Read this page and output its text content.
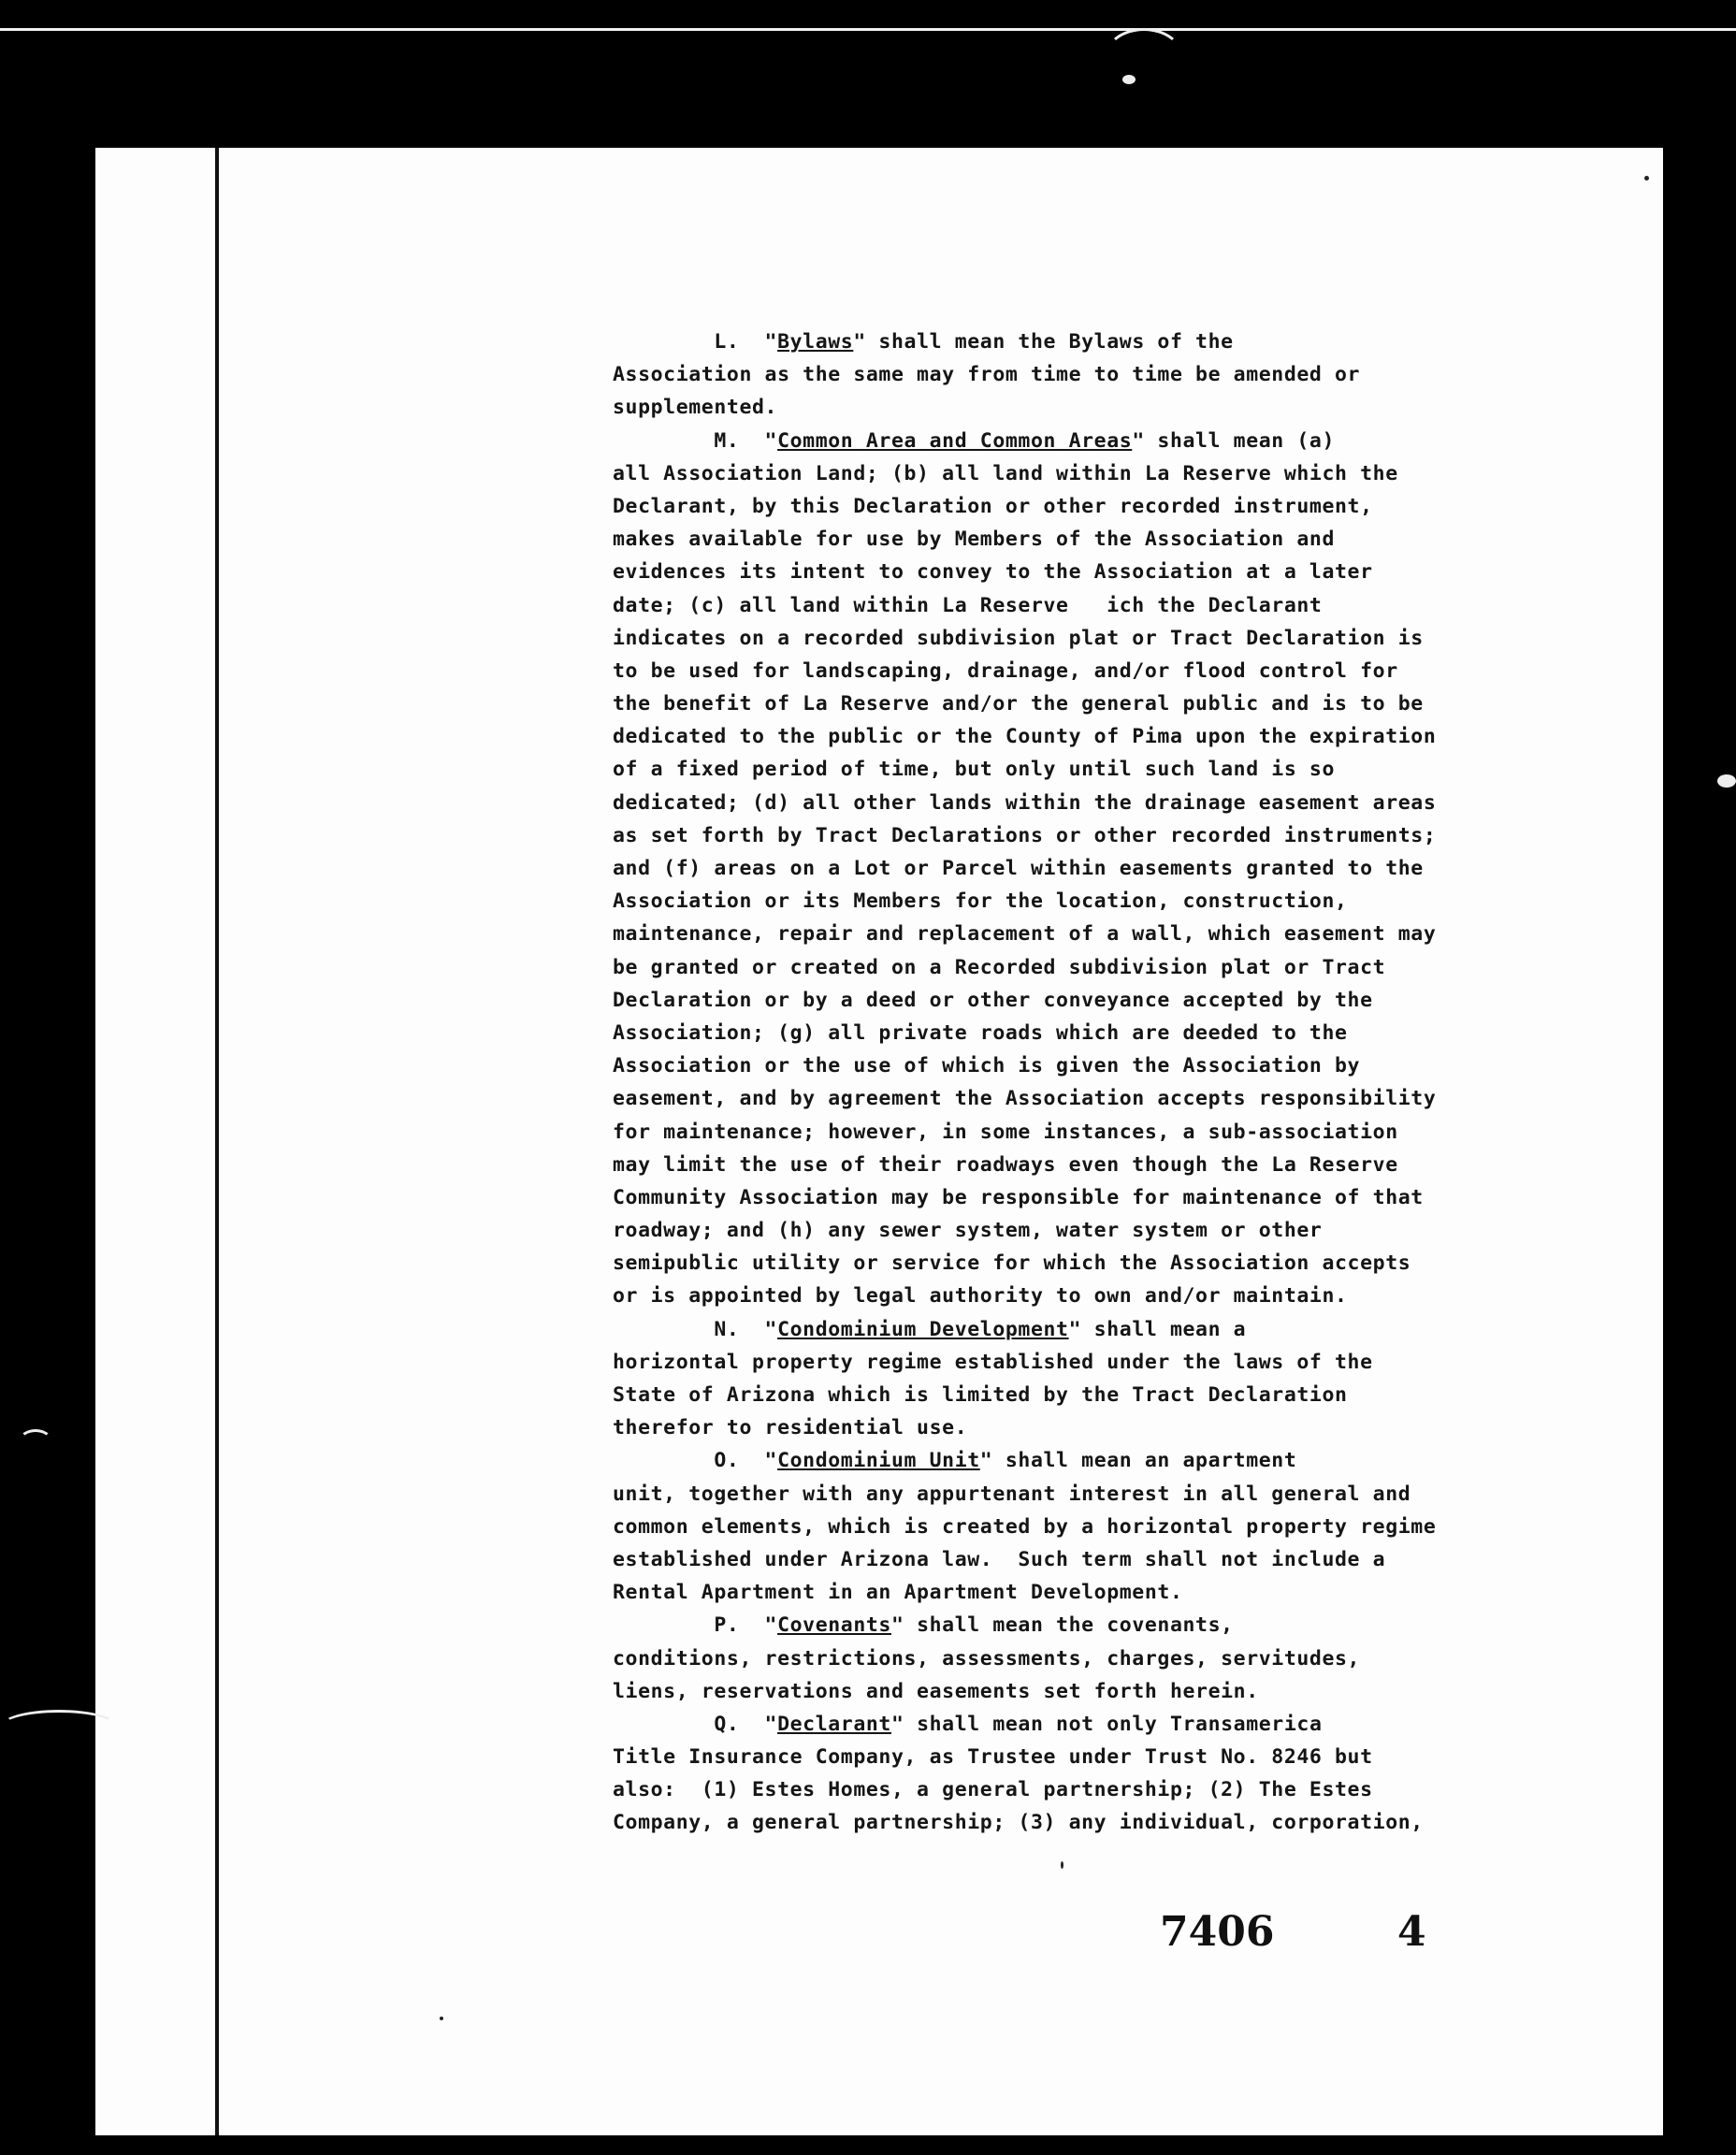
L.  "Bylaws" shall mean the Bylaws of the
Association as the same may from time to time be amended or
supplemented.
M.  "Common Area and Common Areas" shall mean (a)
all Association Land; (b) all land within La Reserve which the
Declarant, by this Declaration or other recorded instrument,
makes available for use by Members of the Association and
evidences its intent to convey to the Association at a later
date; (c) all land within La Reserve   ich the Declarant
indicates on a recorded subdivision plat or Tract Declaration is
to be used for landscaping, drainage, and/or flood control for
the benefit of La Reserve and/or the general public and is to be
dedicated to the public or the County of Pima upon the expiration
of a fixed period of time, but only until such land is so
dedicated; (d) all other lands within the drainage easement areas
as set forth by Tract Declarations or other recorded instruments;
and (f) areas on a Lot or Parcel within easements granted to the
Association or its Members for the location, construction,
maintenance, repair and replacement of a wall, which easement may
be granted or created on a Recorded subdivision plat or Tract
Declaration or by a deed or other conveyance accepted by the
Association; (g) all private roads which are deeded to the
Association or the use of which is given the Association by
easement, and by agreement the Association accepts responsibility
for maintenance; however, in some instances, a sub-association
may limit the use of their roadways even though the La Reserve
Community Association may be responsible for maintenance of that
roadway; and (h) any sewer system, water system or other
semipublic utility or service for which the Association accepts
or is appointed by legal authority to own and/or maintain.
N.  "Condominium Development" shall mean a
horizontal property regime established under the laws of the
State of Arizona which is limited by the Tract Declaration
therefor to residential use.
O.  "Condominium Unit" shall mean an apartment
unit, together with any appurtenant interest in all general and
common elements, which is created by a horizontal property regime
established under Arizona law.  Such term shall not include a
Rental Apartment in an Apartment Development.
P.  "Covenants" shall mean the covenants,
conditions, restrictions, assessments, charges, servitudes,
liens, reservations and easements set forth herein.
Q.  "Declarant" shall mean not only Transamerica
Title Insurance Company, as Trustee under Trust No. 8246 but
also:  (1) Estes Homes, a general partnership; (2) The Estes
Company, a general partnership; (3) any individual, corporation,
7406	4
